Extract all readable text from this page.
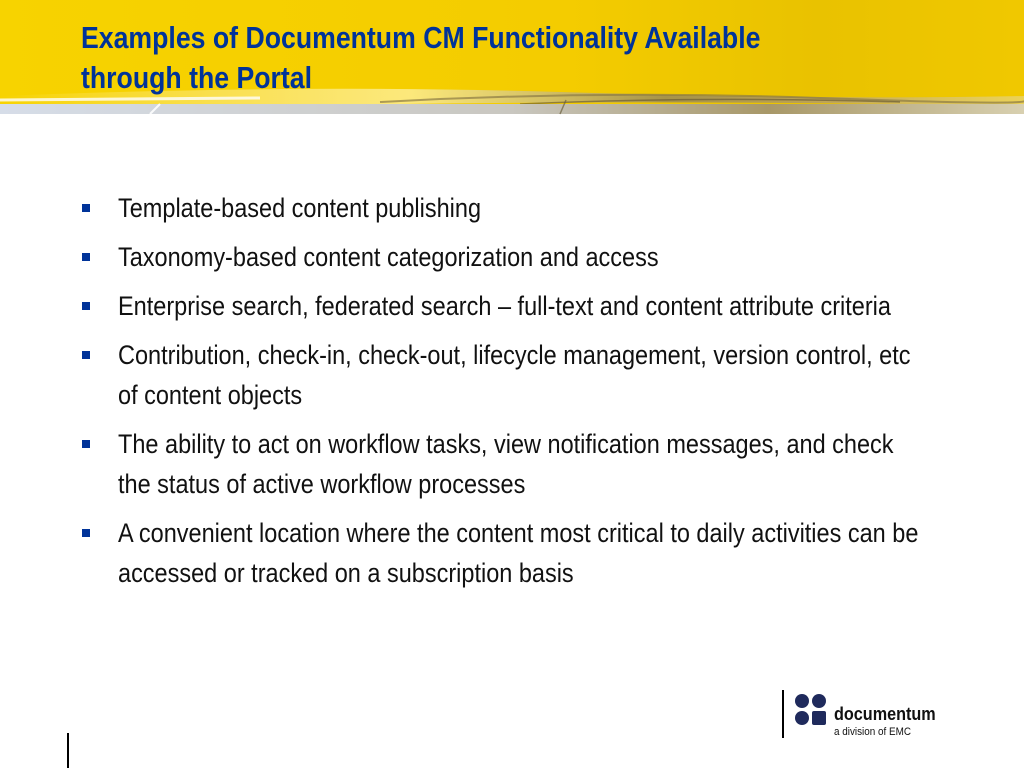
Examples of Documentum CM Functionality Available through the Portal
Template-based content publishing
Taxonomy-based content categorization and access
Enterprise search, federated search – full-text and content attribute criteria
Contribution, check-in, check-out, lifecycle management, version control, etc of content objects
The ability to act on workflow tasks, view notification messages, and check the status of active workflow processes
A convenient location where the content most critical to daily activities can be accessed or tracked on a subscription basis
documentum
a division of EMC
